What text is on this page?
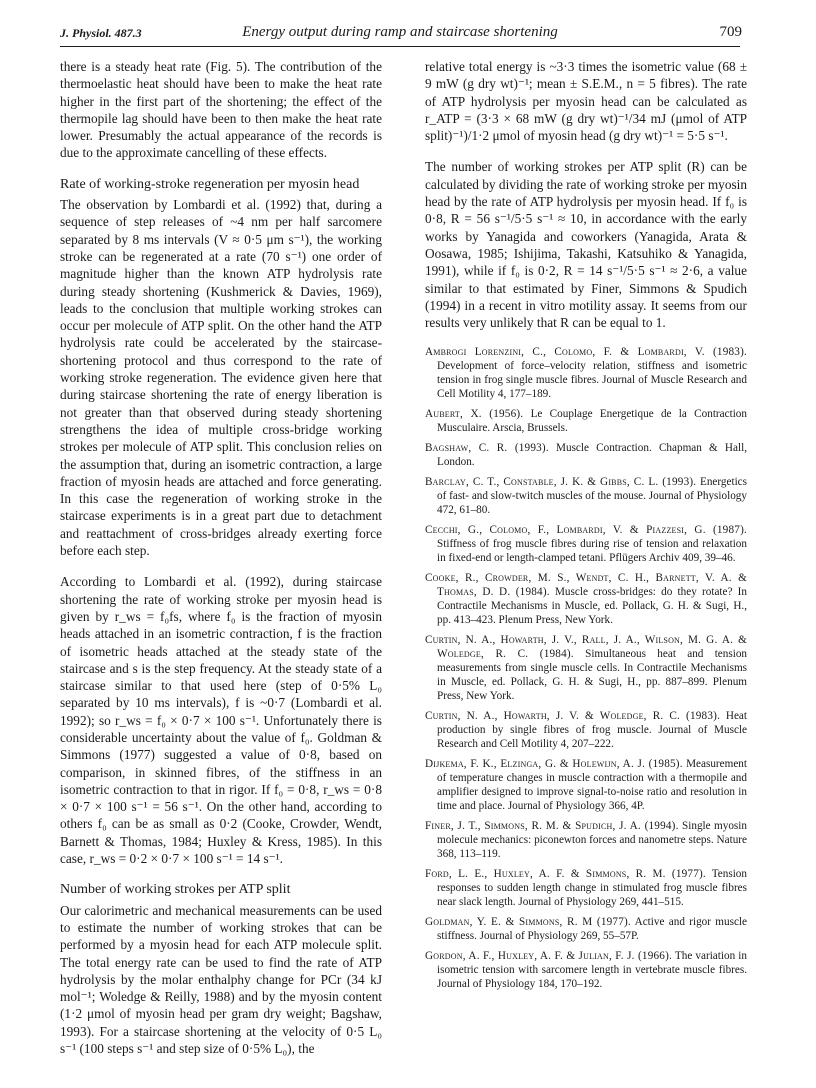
J. Physiol. 487.3	Energy output during ramp and staircase shortening	709

there is a steady heat rate (Fig. 5). The contribution of the thermoelastic heat should have been to make the heat rate higher in the first part of the shortening; the effect of the thermopile lag should have been to then make the heat rate lower. Presumably the actual appearance of the records is due to the approximate cancelling of these effects.

Rate of working-stroke regeneration per myosin head

The observation by Lombardi et al. (1992) that, during a sequence of step releases of ~4 nm per half sarcomere separated by 8 ms intervals (V ≈ 0·5 μm s⁻¹), the working stroke can be regenerated at a rate (70 s⁻¹) one order of magnitude higher than the known ATP hydrolysis rate during steady shortening (Kushmerick & Davies, 1969), leads to the conclusion that multiple working strokes can occur per molecule of ATP split. On the other hand the ATP hydrolysis rate could be accelerated by the staircase-shortening protocol and thus correspond to the rate of working stroke regeneration. The evidence given here that during staircase shortening the rate of energy liberation is not greater than that observed during steady shortening strengthens the idea of multiple cross-bridge working strokes per molecule of ATP split. This conclusion relies on the assumption that, during an isometric contraction, a large fraction of myosin heads are attached and force generating. In this case the regeneration of working stroke in the staircase experiments is in a great part due to detachment and reattachment of cross-bridges already exerting force before each step.

According to Lombardi et al. (1992), during staircase shortening the rate of working stroke per myosin head is given by r_ws = f₀fs, where f₀ is the fraction of myosin heads attached in an isometric contraction, f is the fraction of isometric heads attached at the steady state of the staircase and s is the step frequency. At the steady state of a staircase similar to that used here (step of 0·5% L₀ separated by 10 ms intervals), f is ~0·7 (Lombardi et al. 1992); so r_ws = f₀ × 0·7 × 100 s⁻¹. Unfortunately there is considerable uncertainty about the value of f₀. Goldman & Simmons (1977) suggested a value of 0·8, based on comparison, in skinned fibres, of the stiffness in an isometric contraction to that in rigor. If f₀ = 0·8, r_ws = 0·8 × 0·7 × 100 s⁻¹ = 56 s⁻¹. On the other hand, according to others f₀ can be as small as 0·2 (Cooke, Crowder, Wendt, Barnett & Thomas, 1984; Huxley & Kress, 1985). In this case, r_ws = 0·2 × 0·7 × 100 s⁻¹ = 14 s⁻¹.

Number of working strokes per ATP split

Our calorimetric and mechanical measurements can be used to estimate the number of working strokes that can be performed by a myosin head for each ATP molecule split. The total energy rate can be used to find the rate of ATP hydrolysis by the molar enthalphy change for PCr (34 kJ mol⁻¹; Woledge & Reilly, 1988) and by the myosin content (1·2 μmol of myosin head per gram dry weight; Bagshaw, 1993). For a staircase shortening at the velocity of 0·5 L₀ s⁻¹ (100 steps s⁻¹ and step size of 0·5% L₀), the

relative total energy is ~3·3 times the isometric value (68 ± 9 mW (g dry wt)⁻¹; mean ± S.E.M., n = 5 fibres). The rate of ATP hydrolysis per myosin head can be calculated as r_ATP = (3·3 × 68 mW (g dry wt)⁻¹/34 mJ (μmol of ATP split)⁻¹)/1·2 μmol of myosin head (g dry wt)⁻¹ = 5·5 s⁻¹.

The number of working strokes per ATP split (R) can be calculated by dividing the rate of working stroke per myosin head by the rate of ATP hydrolysis per myosin head. If f₀ is 0·8, R = 56 s⁻¹/5·5 s⁻¹ ≈ 10, in accordance with the early works by Yanagida and coworkers (Yanagida, Arata & Oosawa, 1985; Ishijima, Takashi, Katsuhiko & Yanagida, 1991), while if f₀ is 0·2, R = 14 s⁻¹/5·5 s⁻¹ ≈ 2·6, a value similar to that estimated by Finer, Simmons & Spudich (1994) in a recent in vitro motility assay. It seems from our results very unlikely that R can be equal to 1.

Ambrogi Lorenzini, C., Colomo, F. & Lombardi, V. (1983). Development of force–velocity relation, stiffness and isometric tension in frog single muscle fibres. Journal of Muscle Research and Cell Motility 4, 177–189.

Aubert, X. (1956). Le Couplage Energetique de la Contraction Musculaire. Arscia, Brussels.

Bagshaw, C. R. (1993). Muscle Contraction. Chapman & Hall, London.

Barclay, C. T., Constable, J. K. & Gibbs, C. L. (1993). Energetics of fast- and slow-twitch muscles of the mouse. Journal of Physiology 472, 61–80.

Cecchi, G., Colomo, F., Lombardi, V. & Piazzesi, G. (1987). Stiffness of frog muscle fibres during rise of tension and relaxation in fixed-end or length-clamped tetani. Pflügers Archiv 409, 39–46.

Cooke, R., Crowder, M. S., Wendt, C. H., Barnett, V. A. & Thomas, D. D. (1984). Muscle cross-bridges: do they rotate? In Contractile Mechanisms in Muscle, ed. Pollack, G. H. & Sugi, H., pp. 413–423. Plenum Press, New York.

Curtin, N. A., Howarth, J. V., Rall, J. A., Wilson, M. G. A. & Woledge, R. C. (1984). Simultaneous heat and tension measurements from single muscle cells. In Contractile Mechanisms in Muscle, ed. Pollack, G. H. & Sugi, H., pp. 887–899. Plenum Press, New York.

Curtin, N. A., Howarth, J. V. & Woledge, R. C. (1983). Heat production by single fibres of frog muscle. Journal of Muscle Research and Cell Motility 4, 207–222.

Dijkema, F. K., Elzinga, G. & Holewijn, A. J. (1985). Measurement of temperature changes in muscle contraction with a thermopile and amplifier designed to improve signal-to-noise ratio and resolution in time and place. Journal of Physiology 366, 4P.

Finer, J. T., Simmons, R. M. & Spudich, J. A. (1994). Single myosin molecule mechanics: piconewton forces and nanometre steps. Nature 368, 113–119.

Ford, L. E., Huxley, A. F. & Simmons, R. M. (1977). Tension responses to sudden length change in stimulated frog muscle fibres near slack length. Journal of Physiology 269, 441–515.

Goldman, Y. E. & Simmons, R. M (1977). Active and rigor muscle stiffness. Journal of Physiology 269, 55–57P.

Gordon, A. F., Huxley, A. F. & Julian, F. J. (1966). The variation in isometric tension with sarcomere length in vertebrate muscle fibres. Journal of Physiology 184, 170–192.
